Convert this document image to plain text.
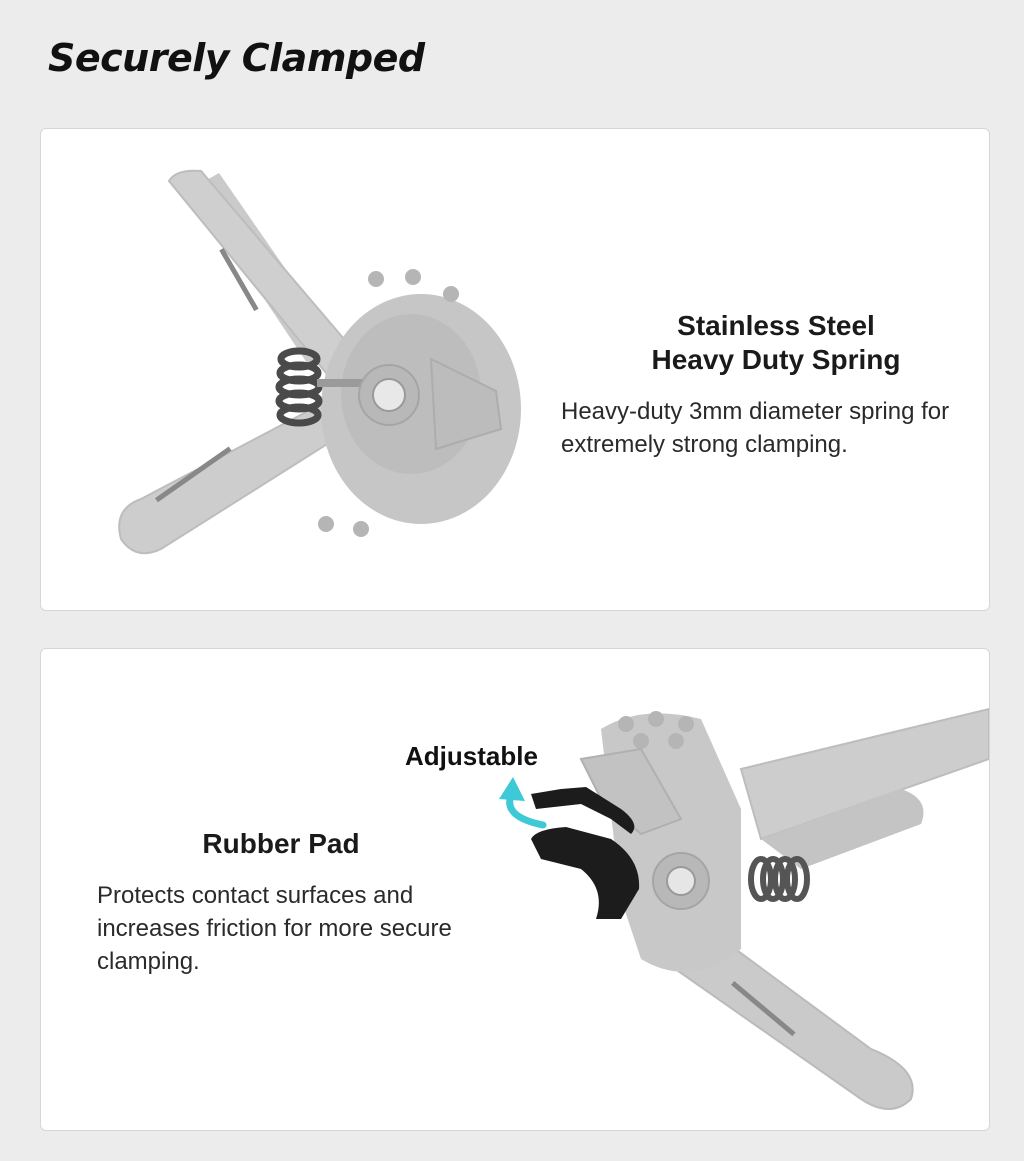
Securely Clamped
Stainless Steel
Heavy Duty Spring
Heavy-duty 3mm diameter spring for extremely strong clamping.
Adjustable
Rubber Pad
Protects contact surfaces and increases friction for more secure clamping.
